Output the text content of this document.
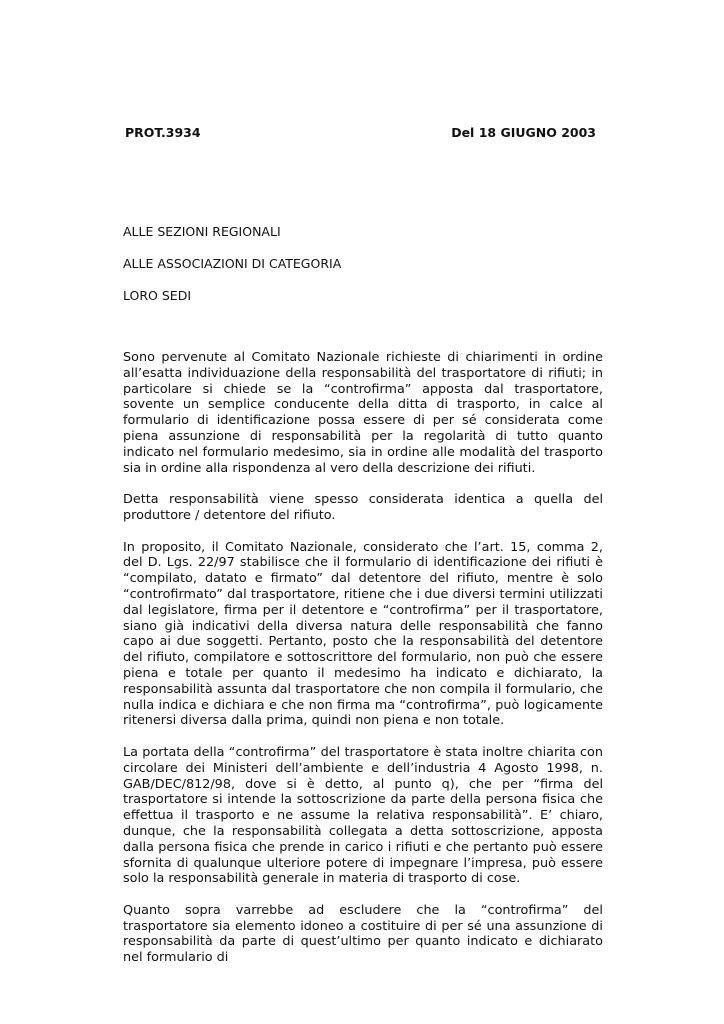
PROT.3934	Del 18 GIUGNO 2003
ALLE SEZIONI REGIONALI
ALLE ASSOCIAZIONI DI CATEGORIA
LORO SEDI

Sono pervenute al Comitato Nazionale richieste di chiarimenti in ordine all’esatta individuazione della responsabilità del trasportatore di rifiuti; in particolare si chiede se la “controfirma” apposta dal trasportatore, sovente un semplice conducente della ditta di trasporto, in calce al formulario di identificazione possa essere di per sé considerata come piena assunzione di responsabilità per la regolarità di tutto quanto indicato nel formulario medesimo, sia in ordine alle modalità del trasporto sia in ordine alla rispondenza al vero della descrizione dei rifiuti.

Detta responsabilità viene spesso considerata identica a quella del produttore / detentore del rifiuto.

In proposito, il Comitato Nazionale, considerato che l’art. 15, comma 2, del D. Lgs. 22/97 stabilisce che il formulario di identificazione dei rifiuti è “compilato, datato e firmato” dal detentore del rifiuto, mentre è solo “controfirmato” dal trasportatore, ritiene che i due diversi termini utilizzati dal legislatore, firma per il detentore e “controfirma” per il trasportatore, siano già indicativi della diversa natura delle responsabilità che fanno capo ai due soggetti. Pertanto, posto che la responsabilità del detentore del rifiuto, compilatore e sottoscrittore del formulario, non può che essere piena e totale per quanto il medesimo ha indicato e dichiarato, la responsabilità assunta dal trasportatore che non compila il formulario, che nulla indica e dichiara e che non firma ma “controfirma”, può logicamente ritenersi diversa dalla prima, quindi non piena e non totale.

La portata della “controfirma” del trasportatore è stata inoltre chiarita con circolare dei Ministeri dell’ambiente e dell’industria 4 Agosto 1998, n. GAB/DEC/812/98, dove si è detto, al punto q), che per “firma del trasportatore si intende la sottoscrizione da parte della persona fisica che effettua il trasporto e ne assume la relativa responsabilità”. E’ chiaro, dunque, che la responsabilità collegata a detta sottoscrizione, apposta dalla persona fisica che prende in carico i rifiuti e che pertanto può essere sfornita di qualunque ulteriore potere di impegnare l’impresa, può essere solo la responsabilità generale in materia di trasporto di cose.

Quanto sopra varrebbe ad escludere che la “controfirma” del trasportatore sia elemento idoneo a costituire di per sé una assunzione di responsabilità da parte di quest’ultimo per quanto indicato e dichiarato nel formulario di
